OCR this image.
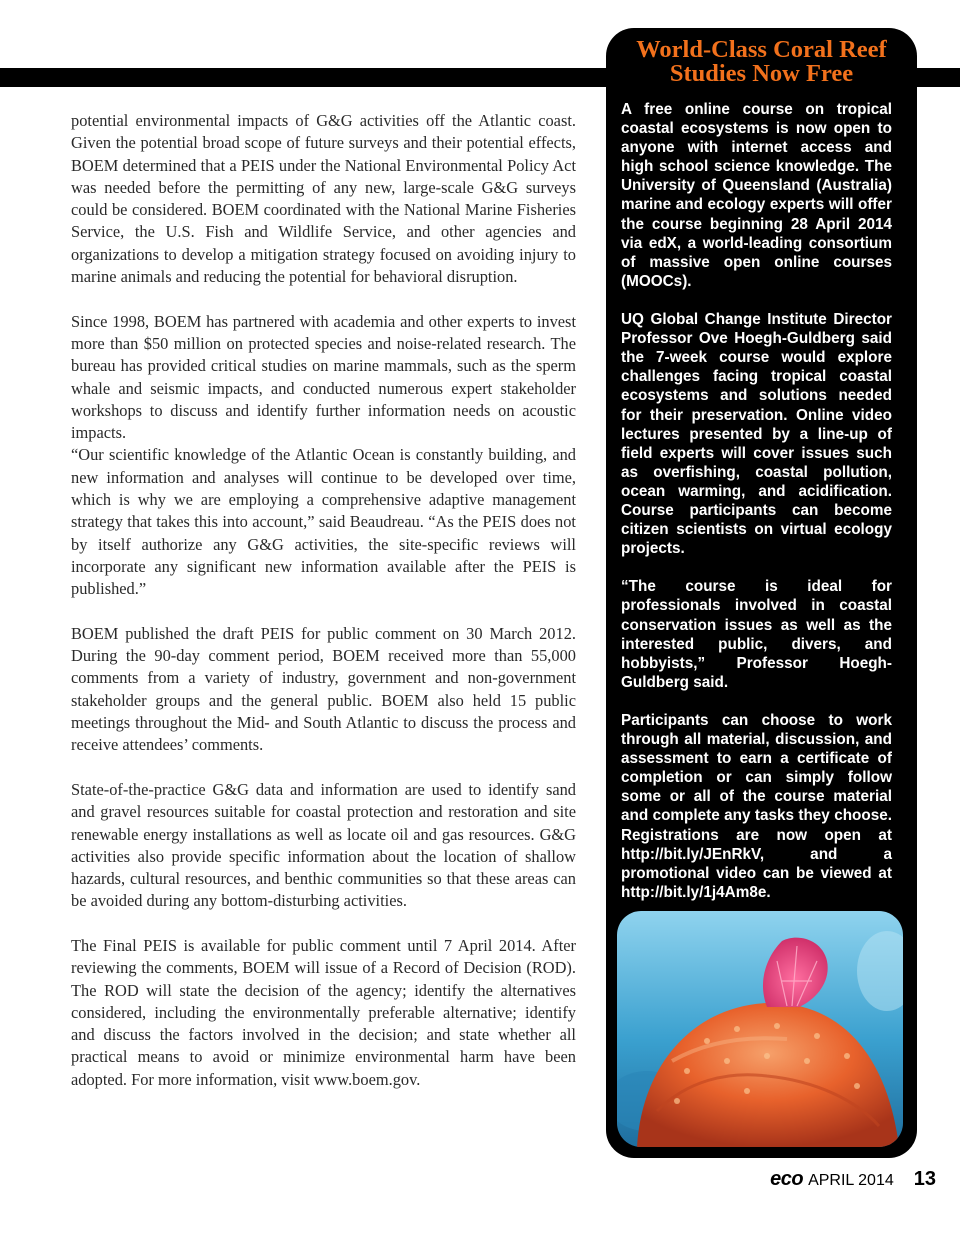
potential environmental impacts of G&G activities off the Atlantic coast. Given the potential broad scope of future surveys and their potential effects, BOEM determined that a PEIS under the National Environmental Policy Act was needed before the permitting of any new, large-scale G&G surveys could be considered. BOEM coordinated with the National Marine Fisheries Service, the U.S. Fish and Wildlife Service, and other agencies and organizations to develop a mitigation strategy focused on avoiding injury to marine animals and reducing the potential for behavioral disruption.

Since 1998, BOEM has partnered with academia and other experts to invest more than $50 million on protected species and noise-related research. The bureau has provided critical studies on marine mammals, such as the sperm whale and seismic impacts, and conducted numerous expert stakeholder workshops to discuss and identify further information needs on acoustic impacts.

“Our scientific knowledge of the Atlantic Ocean is constantly building, and new information and analyses will continue to be developed over time, which is why we are employing a comprehensive adaptive management strategy that takes this into account,” said Beaudreau. “As the PEIS does not by itself authorize any G&G activities, the site-specific reviews will incorporate any significant new information available after the PEIS is published.”

BOEM published the draft PEIS for public comment on 30 March 2012. During the 90-day comment period, BOEM received more than 55,000 comments from a variety of industry, government and non-government stakeholder groups and the general public. BOEM also held 15 public meetings throughout the Mid- and South Atlantic to discuss the process and receive attendees’ comments.

State-of-the-practice G&G data and information are used to identify sand and gravel resources suitable for coastal protection and restoration and site renewable energy installations as well as locate oil and gas resources. G&G activities also provide specific information about the location of shallow hazards, cultural resources, and benthic communities so that these areas can be avoided during any bottom-disturbing activities.

The Final PEIS is available for public comment until 7 April 2014. After reviewing the comments, BOEM will issue of a Record of Decision (ROD). The ROD will state the decision of the agency; identify the alternatives considered, including the environmentally preferable alternative; identify and discuss the factors involved in the decision; and state whether all practical means to avoid or minimize environmental harm have been adopted. For more information, visit www.boem.gov.

World-Class Coral Reef
Studies Now Free

A free online course on tropical coastal ecosystems is now open to anyone with internet access and high school science knowledge. The University of Queensland (Australia) marine and ecology experts will offer the course beginning 28 April 2014 via edX, a world-leading consortium of massive open online courses (MOOCs).

UQ Global Change Institute Director Professor Ove Hoegh-Guldberg said the 7-week course would explore challenges facing tropical coastal ecosystems and solutions needed for their preservation. Online video lectures presented by a line-up of field experts will cover issues such as overfishing, coastal pollution, ocean warming, and acidification. Course participants can become citizen scientists on virtual ecology projects.

“The course is ideal for professionals involved in coastal conservation issues as well as the interested public, divers, and hobbyists,” Professor Hoegh-Guldberg said.

Participants can choose to work through all material, discussion, and assessment to earn a certificate of completion or can simply follow some or all of the course material and complete any tasks they choose. Registrations are now open at http://bit.ly/JEnRkV, and a promotional video can be viewed at http://bit.ly/1j4Am8e.

eco APRIL 2014 13
